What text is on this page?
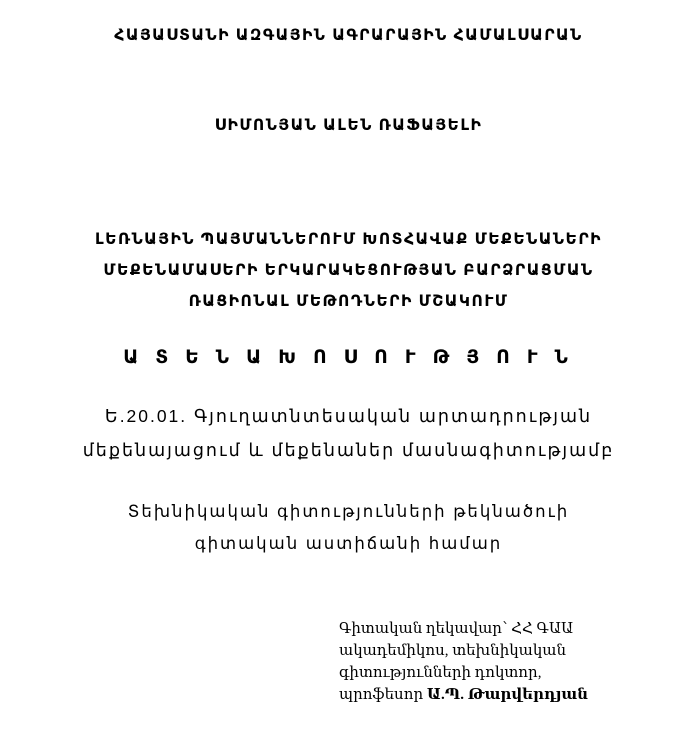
ՀԱՅԱՍՏԱՆԻ ԱԶԳԱՅԻՆ ԱԳՐԱՐԱՅԻՆ ՀԱՄԱԼՍԱՐԱՆ
ՍԻՄՈՆՅԱՆ ԱԼԵՆ ՌԱՖԱՅԵԼԻ
ԼԵՌՆԱՅԻՆ ՊԱՅՄԱՆՆԵՐՈՒՄ ԽՈՏՀԱՎԱՔ ՄԵՔԵՆԱՆԵՐԻ
ՄԵՔԵՆԱՄԱՍԵՐԻ ԵՐԿԱՐԱԿԵՑՈՒԹՅԱՆ ԲԱՐՁՐԱՑՄԱՆ
ՌԱՑԻՈՆԱԼ ՄԵԹՈԴՆԵՐԻ ՄՇԱԿՈՒՄ
Ա Տ Ե Ն Ա Խ Ո Ս Ո Ւ Թ Յ Ո Ւ Ն
Ե.20.01. Գյուղատնտեսական արտադրության
մեքենայացում և մեքենաներ մասնագիտությամբ
Տեխնիկական գիտությունների թեկնածուի
գիտական աստիճանի համար
Գիտական ղեկավար՝ ՀՀ ԳԱԱ
ակադեմիկոս, տեխնիկական
գիտությունների դոկտոր,
պրոֆեսոր Ա.Պ. Թարվերդյան
